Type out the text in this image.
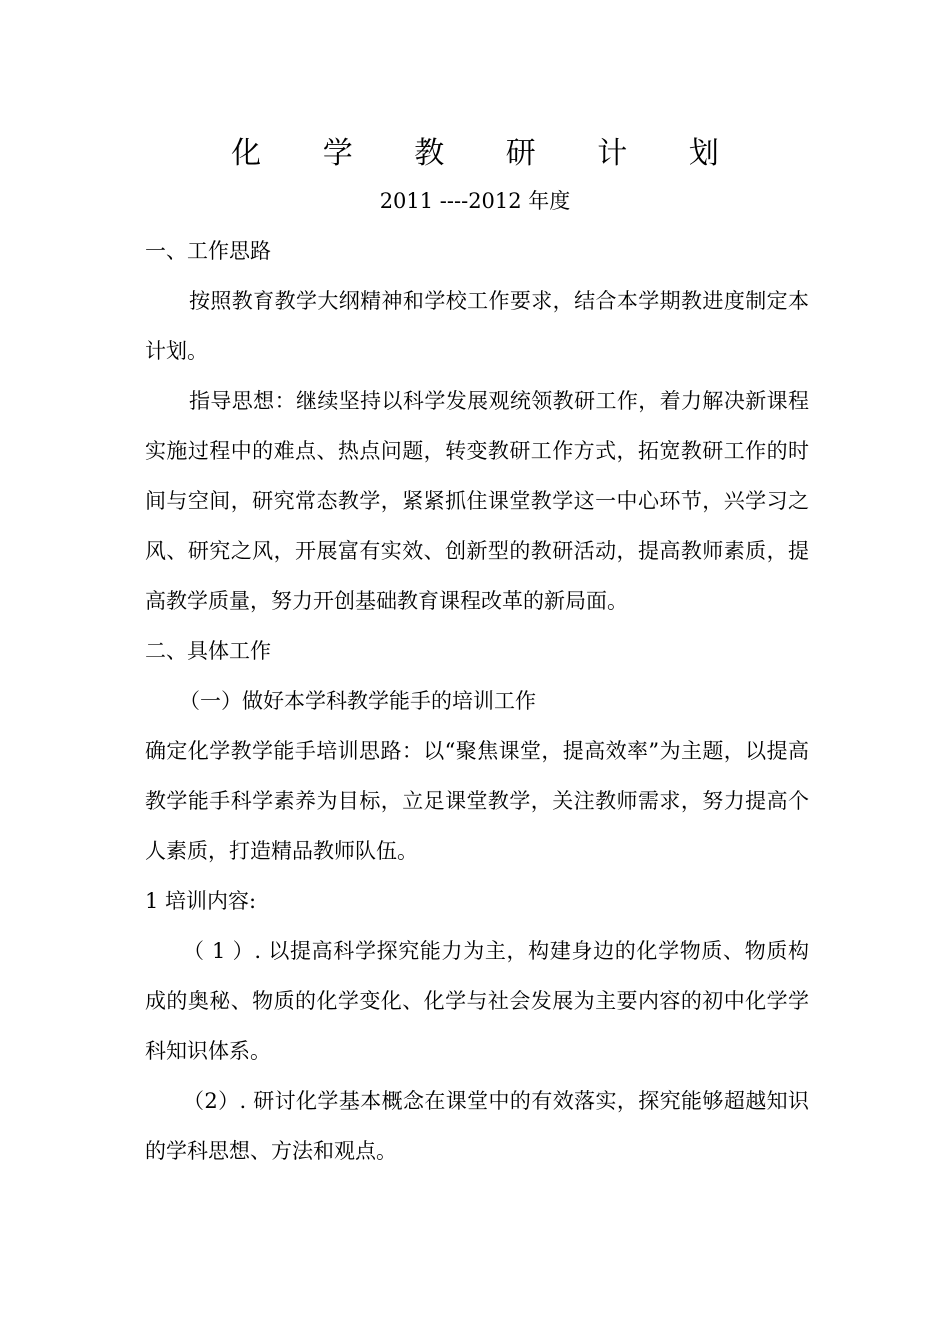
化 学 教 研 计 划
2011 ----2012 年度

一、工作思路

按照教育教学大纲精神和学校工作要求，结合本学期教进度制定本计划。

指导思想：继续坚持以科学发展观统领教研工作，着力解决新课程实施过程中的难点、热点问题，转变教研工作方式，拓宽教研工作的时间与空间，研究常态教学，紧紧抓住课堂教学这一中心环节，兴学习之风、研究之风，开展富有实效、创新型的教研活动，提高教师素质，提高教学质量，努力开创基础教育课程改革的新局面。

二、具体工作

（一）做好本学科教学能手的培训工作

确定化学教学能手培训思路：以“聚焦课堂，提高效率”为主题，以提高教学能手科学素养为目标，立足课堂教学，关注教师需求，努力提高个人素质，打造精品教师队伍。

1 培训内容:

（ 1 ）. 以提高科学探究能力为主，构建身边的化学物质、物质构成的奥秘、物质的化学变化、化学与社会发展为主要内容的初中化学学科知识体系。

（2）. 研讨化学基本概念在课堂中的有效落实，探究能够超越知识的学科思想、方法和观点。
